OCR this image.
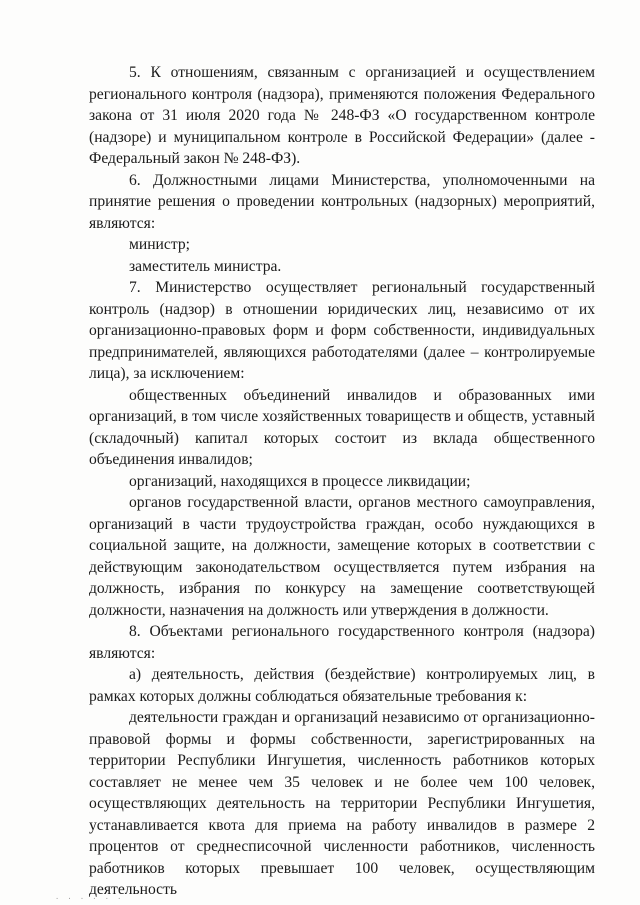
5. К отношениям, связанным с организацией и осуществлением регионального контроля (надзора), применяются положения Федерального закона от 31 июля 2020 года № 248-ФЗ «О государственном контроле (надзоре) и муниципальном контроле в Российской Федерации» (далее - Федеральный закон № 248-ФЗ).

6. Должностными лицами Министерства, уполномоченными на принятие решения о проведении контрольных (надзорных) мероприятий, являются:

министр;

заместитель министра.

7. Министерство осуществляет региональный государственный контроль (надзор) в отношении юридических лиц, независимо от их организационно-правовых форм и форм собственности, индивидуальных предпринимателей, являющихся работодателями (далее – контролируемые лица), за исключением:

общественных объединений инвалидов и образованных ими организаций, в том числе хозяйственных товариществ и обществ, уставный (складочный) капитал которых состоит из вклада общественного объединения инвалидов;

организаций, находящихся в процессе ликвидации;

органов государственной власти, органов местного самоуправления, организаций в части трудоустройства граждан, особо нуждающихся в социальной защите, на должности, замещение которых в соответствии с действующим законодательством осуществляется путем избрания на должность, избрания по конкурсу на замещение соответствующей должности, назначения на должность или утверждения в должности.

8. Объектами регионального государственного контроля (надзора) являются:

а) деятельность, действия (бездействие) контролируемых лиц, в рамках которых должны соблюдаться обязательные требования к:

деятельности граждан и организаций независимо от организационно-правовой формы и формы собственности, зарегистрированных на территории Республики Ингушетия, численность работников которых составляет не менее чем 35 человек и не более чем 100 человек, осуществляющих деятельность на территории Республики Ингушетия, устанавливается квота для приема на работу инвалидов в размере 2 процентов от среднесписочной численности работников, численность работников которых превышает 100 человек, осуществляющим деятельность

· · · · · ·
